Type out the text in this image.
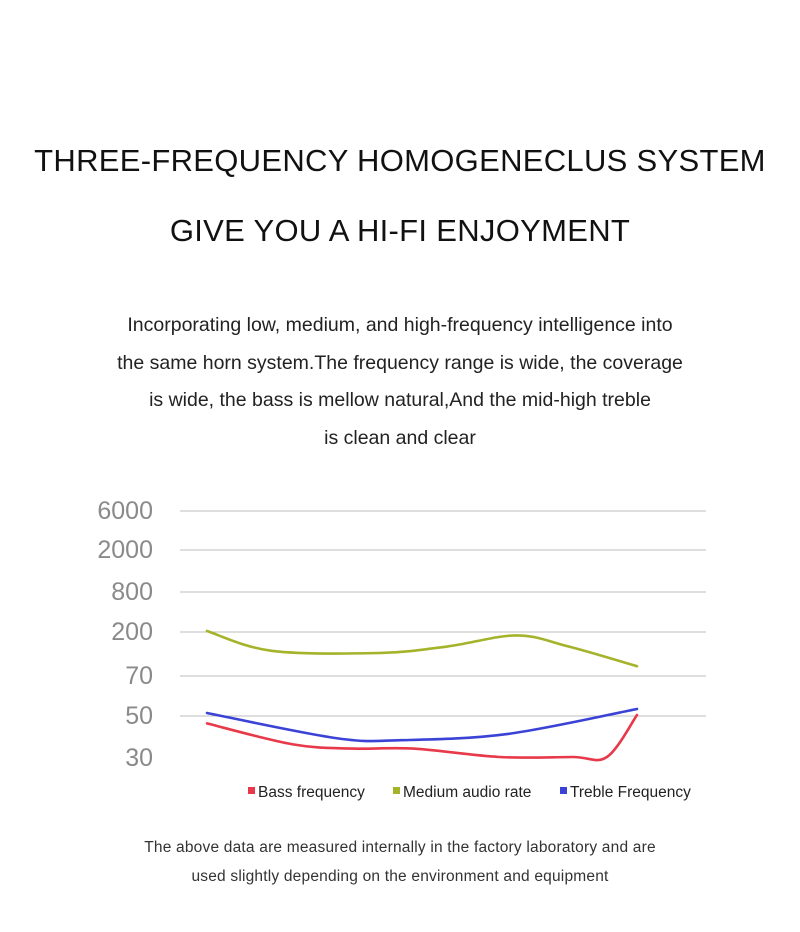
THREE-FREQUENCY HOMOGENECLUS SYSTEM
GIVE YOU A HI-FI ENJOYMENT
Incorporating low, medium, and high-frequency intelligence into
the same horn system.The frequency range is wide, the coverage
is wide, the bass is mellow natural,And the mid-high treble
is clean and clear
6000
2000
800
200
70
50
30
Bass frequency Medium audio rate Treble Frequency
The above data are measured internally in the factory laboratory and are
used slightly depending on the environment and equipment
